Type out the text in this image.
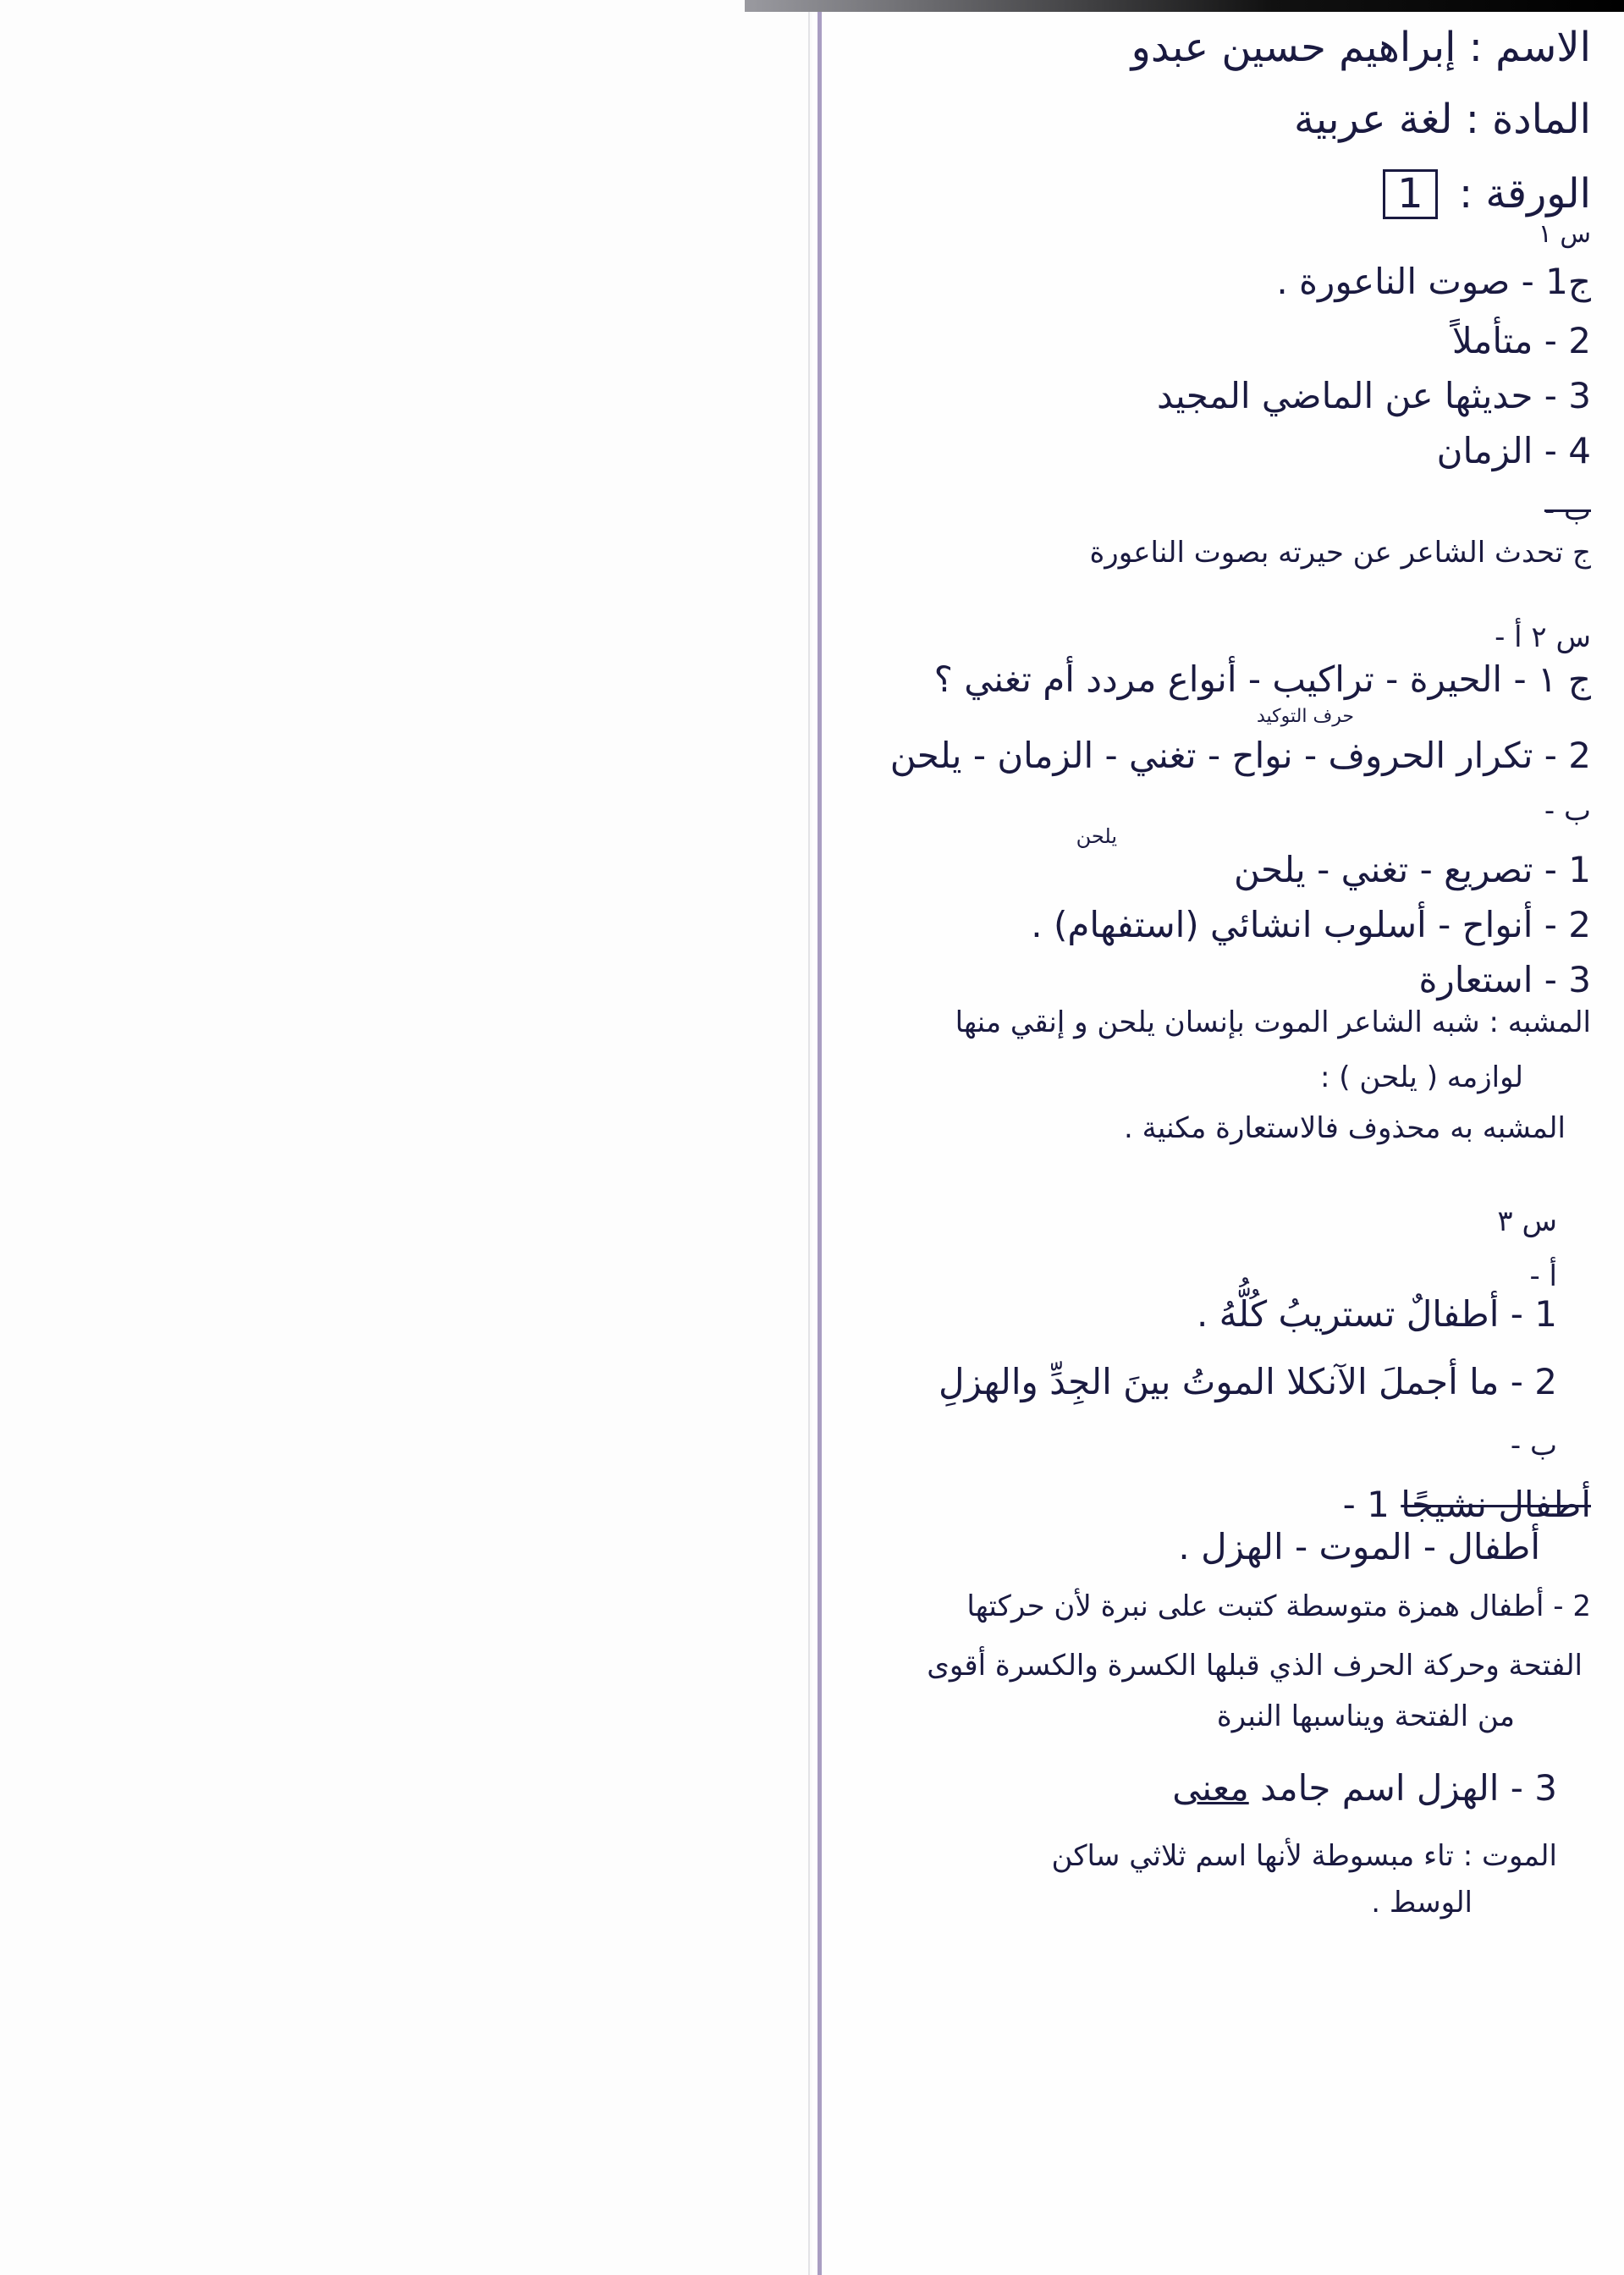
الاسم : إبراهيم حسين عبدو
المادة : لغة عربية
الورقة : 1
س ١
ج1 - صوت الناعورة .
2 - متأملاً
3 - حديثها عن الماضي المجيد
4 - الزمان
ب -
ج تحدث الشاعر عن حيرته بصوت الناعورة
س ٢ أ -
ج ١ - الحيرة - تراكيب - أنواع مردد أم تغني ؟
حرف التوكيد
2 - تكرار الحروف - نواح - تغني - الزمان - يلحن
ب -
يلحن
1 - تصريع - تغني - يلحن
2 - أنواح - أسلوب انشائي (استفهام) .
3 - استعارة
المشبه : شبه الشاعر الموت بإنسان يلحن و إنقي منها
لوازمه ( يلحن ) :
المشبه به محذوف فالاستعارة مكنية .
س ٣
أ -
1 - أطفالٌ تستريبُ كُلُّهُ .
2 - ما أجملَ الآنكلا الموتُ بينَ الجِدِّ والهزلِ
ب -
أطفال نشيجًا 1 -
أطفال - الموت - الهزل .
2 - أطفال همزة متوسطة كتبت على نبرة لأن حركتها
الفتحة وحركة الحرف الذي قبلها الكسرة والكسرة أقوى
من الفتحة ويناسبها النبرة
3 - الهزل اسم جامد معنى
الموت : تاء مبسوطة لأنها اسم ثلاثي ساكن
الوسط .
